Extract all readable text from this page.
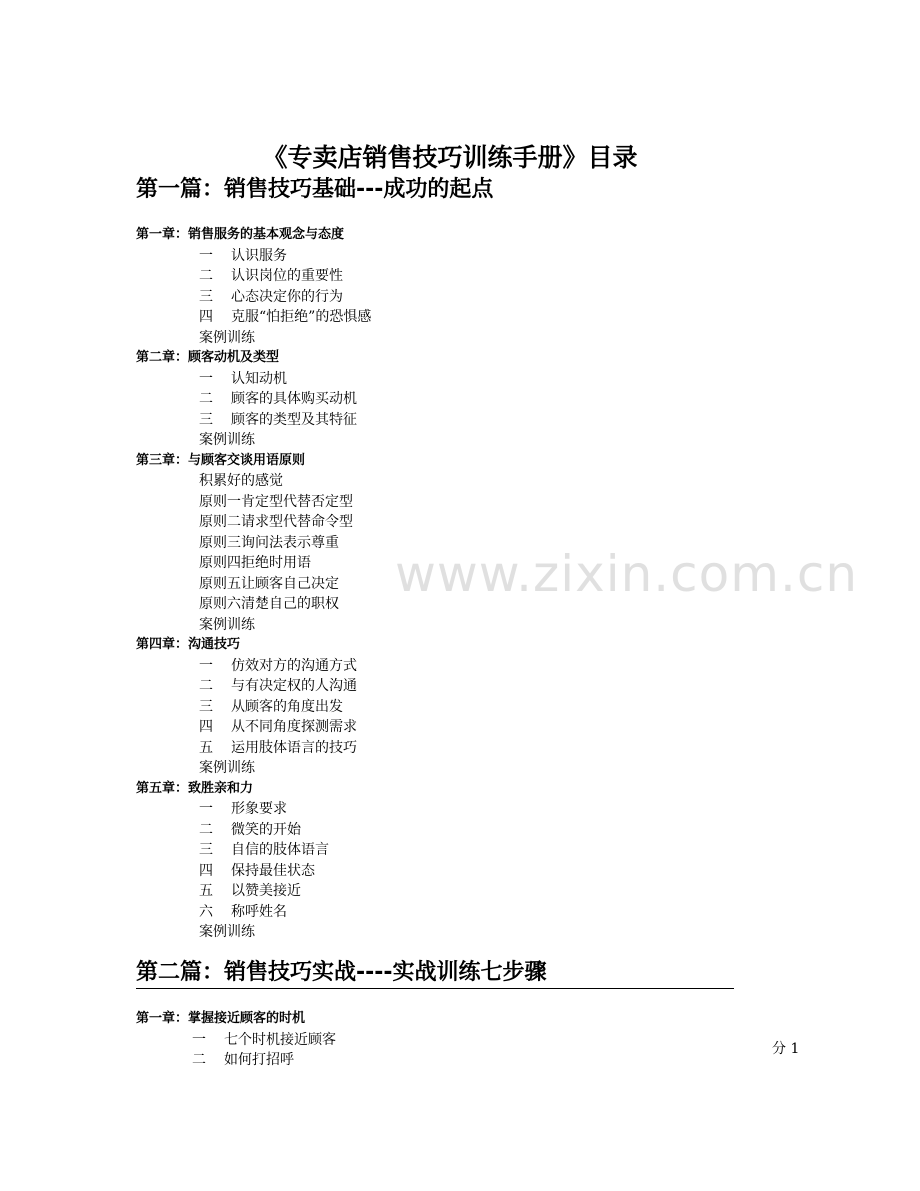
《专卖店销售技巧训练手册》目录
第一篇：销售技巧基础---成功的起点
第一章：销售服务的基本观念与态度
一 认识服务
二 认识岗位的重要性
三 心态决定你的行为
四 克服“怕拒绝”的恐惧感
案例训练
第二章：顾客动机及类型
一 认知动机
二 顾客的具体购买动机
三 顾客的类型及其特征
案例训练
第三章：与顾客交谈用语原则
积累好的感觉
原则一肯定型代替否定型
原则二请求型代替命令型
原则三询问法表示尊重
原则四拒绝时用语
原则五让顾客自己决定
原则六清楚自己的职权
案例训练
第四章：沟通技巧
一 仿效对方的沟通方式
二 与有决定权的人沟通
三 从顾客的角度出发
四 从不同角度探测需求
五 运用肢体语言的技巧
案例训练
第五章：致胜亲和力
一 形象要求
二 微笑的开始
三 自信的肢体语言
四 保持最佳状态
五 以赞美接近
六 称呼姓名
案例训练
第二篇：销售技巧实战----实战训练七步骤
第一章：掌握接近顾客的时机
一 七个时机接近顾客
二 如何打招呼
分 1
www.zixin.com.cn
